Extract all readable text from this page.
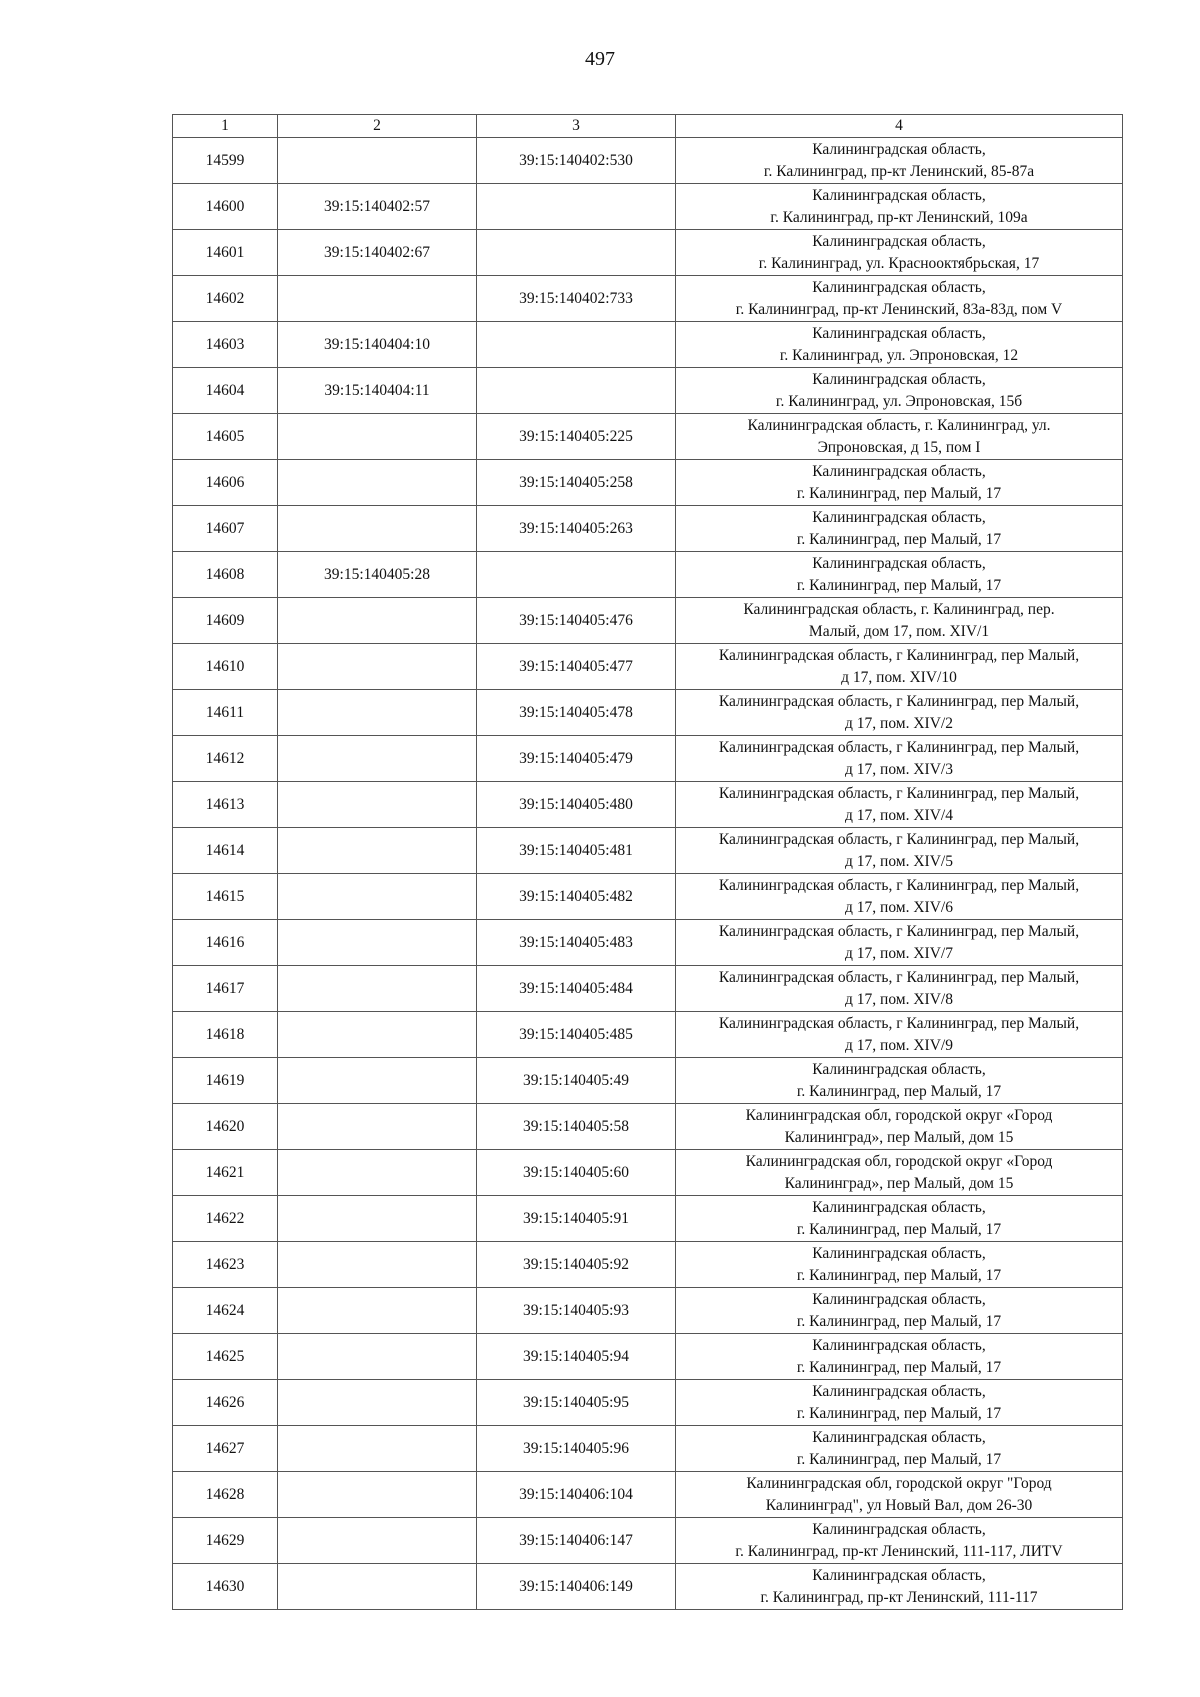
497
1	2	3	4
14599		39:15:140402:530	Калининградская область,
г. Калининград, пр-кт Ленинский, 85-87а
14600	39:15:140402:57		Калининградская область,
г. Калининград, пр-кт Ленинский, 109а
14601	39:15:140402:67		Калининградская область,
г. Калининград, ул. Краснооктябрьская, 17
14602		39:15:140402:733	Калининградская область,
г. Калининград, пр-кт Ленинский, 83а-83д, пом V
14603	39:15:140404:10		Калининградская область,
г. Калининград, ул. Эпроновская, 12
14604	39:15:140404:11		Калининградская область,
г. Калининград, ул. Эпроновская, 15б
14605		39:15:140405:225	Калининградская область, г. Калининград, ул.
Эпроновская, д 15, пом I
14606		39:15:140405:258	Калининградская область,
г. Калининград, пер Малый, 17
14607		39:15:140405:263	Калининградская область,
г. Калининград, пер Малый, 17
14608	39:15:140405:28		Калининградская область,
г. Калининград, пер Малый, 17
14609		39:15:140405:476	Калининградская область, г. Калининград, пер.
Малый, дом 17, пом. XIV/1
14610		39:15:140405:477	Калининградская область, г Калининград, пер Малый,
д 17, пом. XIV/10
14611		39:15:140405:478	Калининградская область, г Калининград, пер Малый,
д 17, пом. XIV/2
14612		39:15:140405:479	Калининградская область, г Калининград, пер Малый,
д 17, пом. XIV/3
14613		39:15:140405:480	Калининградская область, г Калининград, пер Малый,
д 17, пом. XIV/4
14614		39:15:140405:481	Калининградская область, г Калининград, пер Малый,
д 17, пом. XIV/5
14615		39:15:140405:482	Калининградская область, г Калининград, пер Малый,
д 17, пом. XIV/6
14616		39:15:140405:483	Калининградская область, г Калининград, пер Малый,
д 17, пом. XIV/7
14617		39:15:140405:484	Калининградская область, г Калининград, пер Малый,
д 17, пом. XIV/8
14618		39:15:140405:485	Калининградская область, г Калининград, пер Малый,
д 17, пом. XIV/9
14619		39:15:140405:49	Калининградская область,
г. Калининград, пер Малый, 17
14620		39:15:140405:58	Калининградская обл, городской округ «Город
Калининград», пер Малый, дом 15
14621		39:15:140405:60	Калининградская обл, городской округ «Город
Калининград», пер Малый, дом 15
14622		39:15:140405:91	Калининградская область,
г. Калининград, пер Малый, 17
14623		39:15:140405:92	Калининградская область,
г. Калининград, пер Малый, 17
14624		39:15:140405:93	Калининградская область,
г. Калининград, пер Малый, 17
14625		39:15:140405:94	Калининградская область,
г. Калининград, пер Малый, 17
14626		39:15:140405:95	Калининградская область,
г. Калининград, пер Малый, 17
14627		39:15:140405:96	Калининградская область,
г. Калининград, пер Малый, 17
14628		39:15:140406:104	Калининградская обл, городской округ "Город
Калининград", ул Новый Вал, дом 26-30
14629		39:15:140406:147	Калининградская область,
г. Калининград, пр-кт Ленинский, 111-117, ЛИТV
14630		39:15:140406:149	Калининградская область,
г. Калининград, пр-кт Ленинский, 111-117
